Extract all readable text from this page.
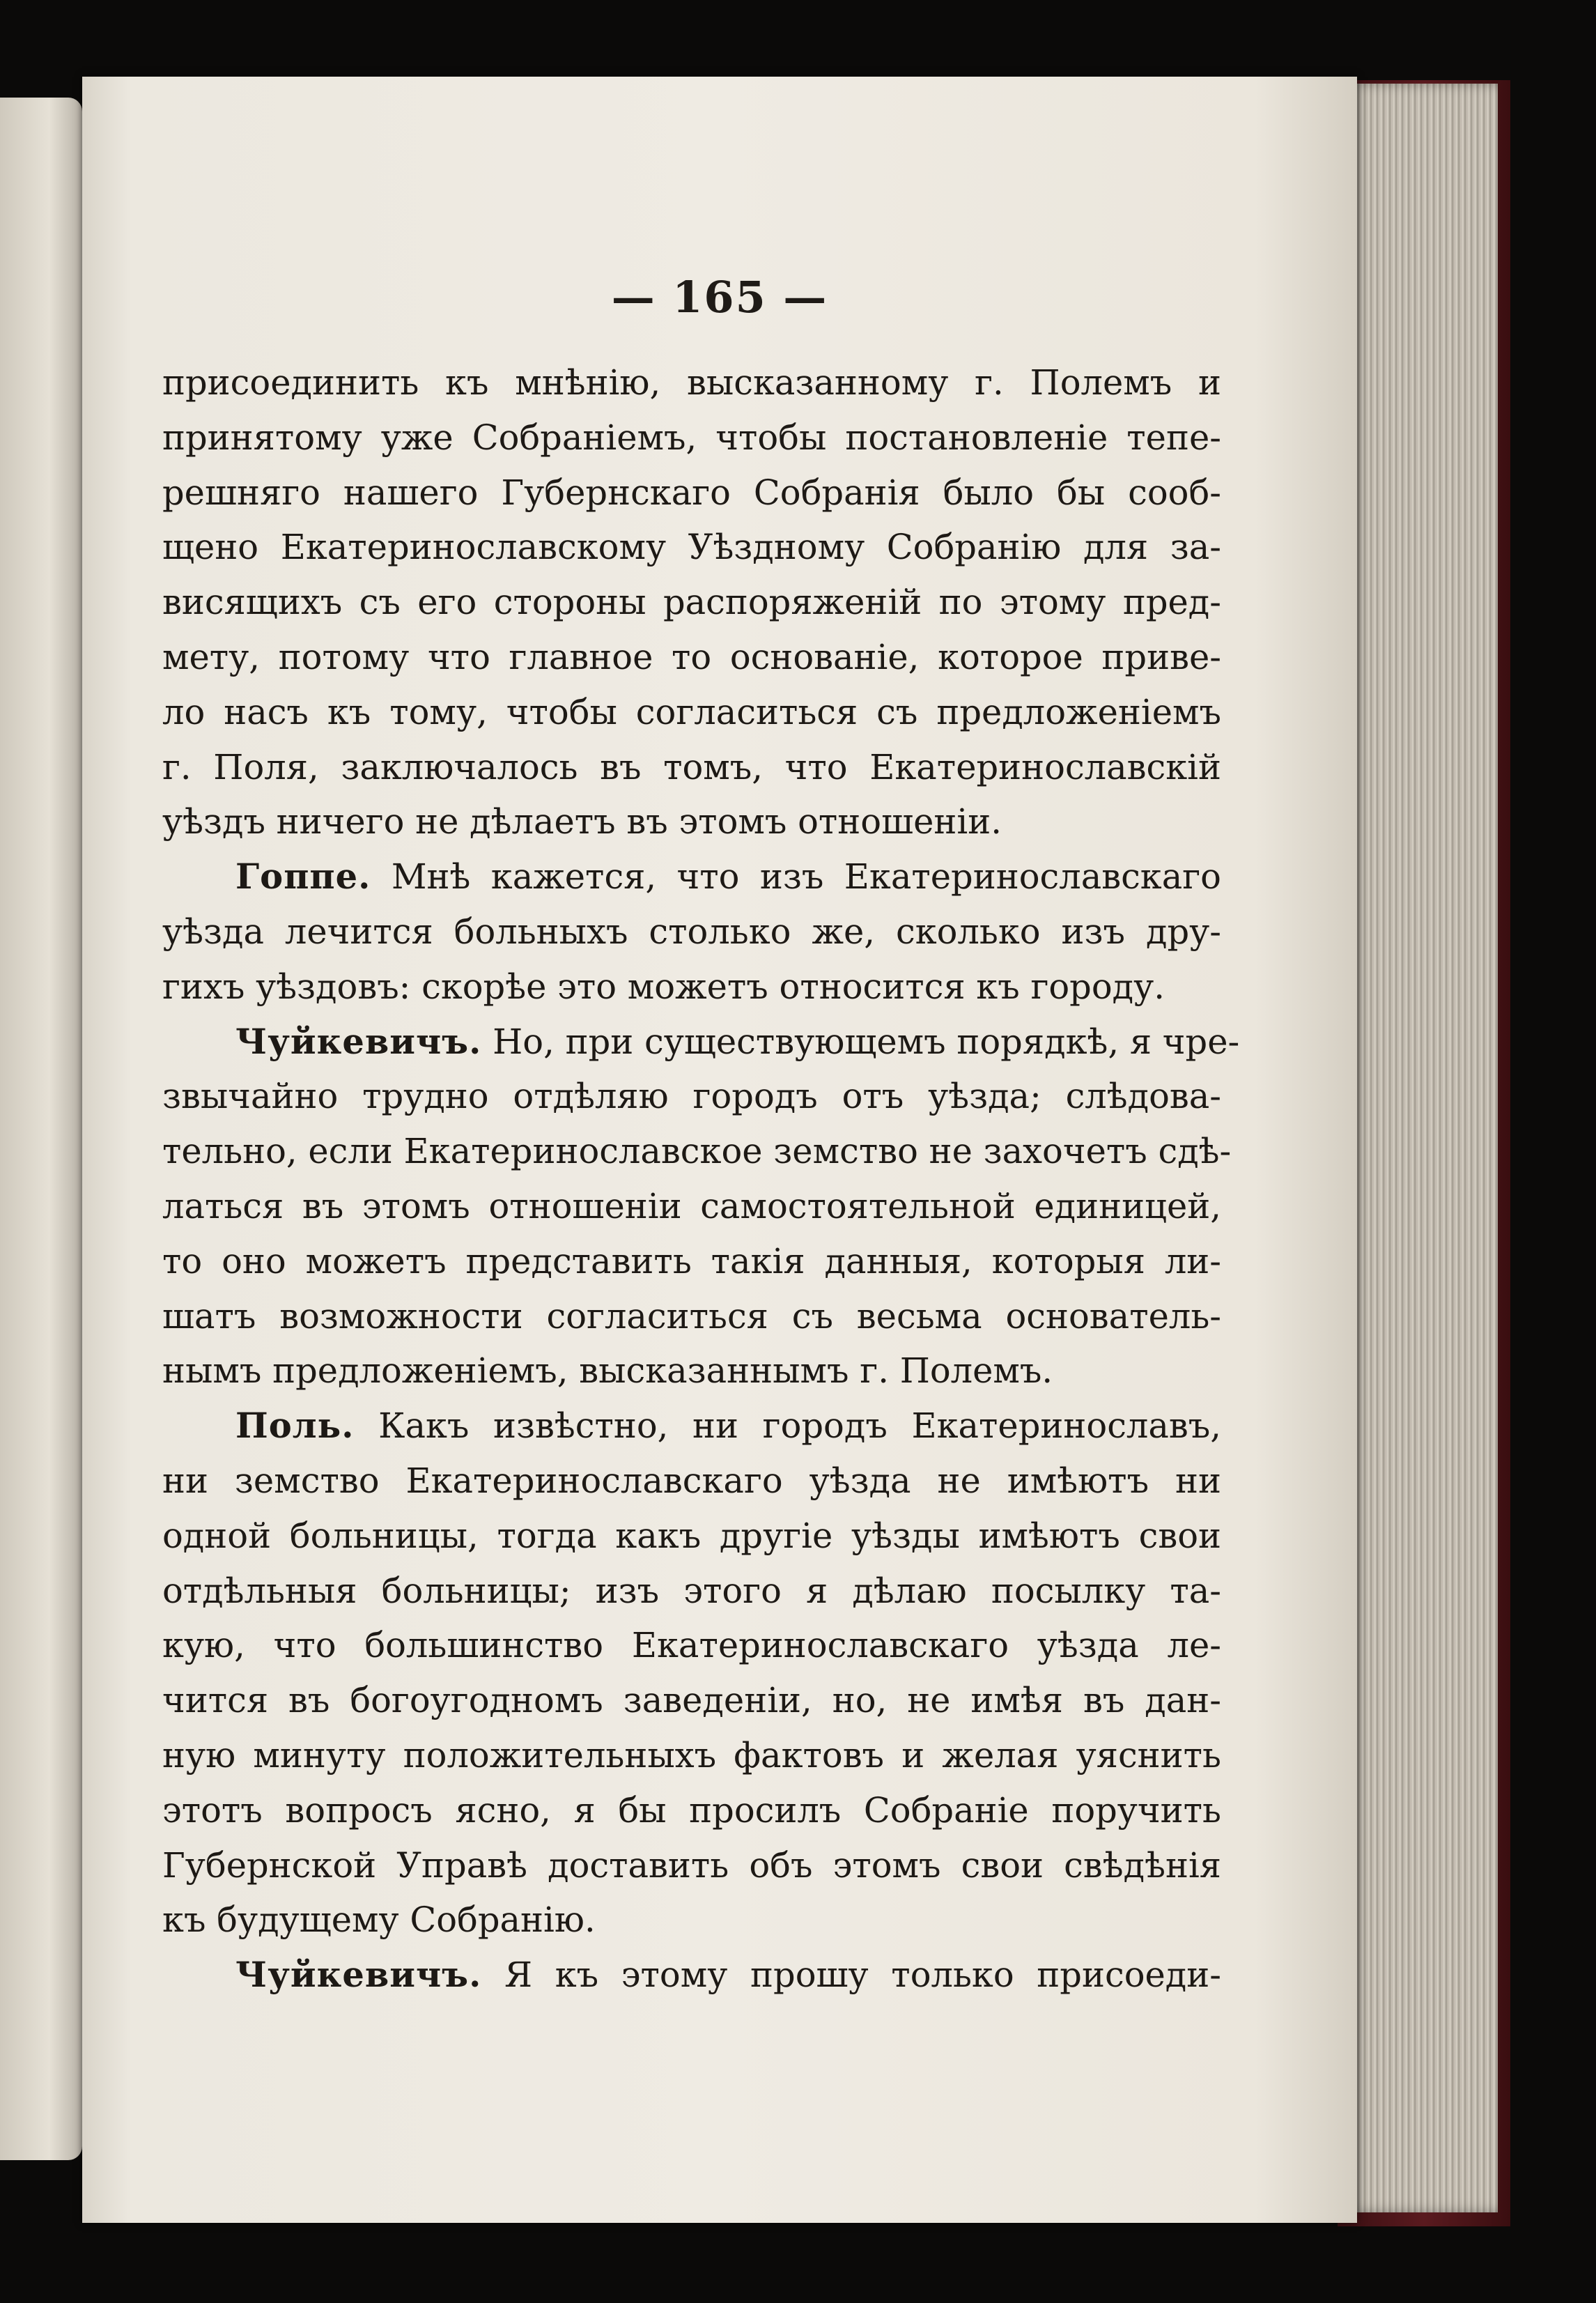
— 165 —
присоединить къ мнѣнію, высказанному г. Полемъ и
принятому уже Собраніемъ, чтобы постановленіе тепе-
решняго нашего Губернскаго Собранія было бы сооб-
щено Екатеринославскому Уѣздному Собранію для за-
висящихъ съ его стороны распоряженій по этому пред-
мету, потому что главное то основаніе, которое приве-
ло насъ къ тому, чтобы согласиться съ предложеніемъ
г. Поля, заключалось въ томъ, что Екатеринославскій
уѣздъ ничего не дѣлаетъ въ этомъ отношеніи.
Гоппе. Мнѣ кажется, что изъ Екатеринославскаго
уѣзда лечится больныхъ столько же, сколько изъ дру-
гихъ уѣздовъ: скорѣе это можетъ относится къ городу.
Чуйкевичъ. Но, при существующемъ порядкѣ, я чре-
звычайно трудно отдѣляю городъ отъ уѣзда; слѣдова-
тельно, если Екатеринославское земство не захочетъ сдѣ-
латься въ этомъ отношеніи самостоятельной единицей,
то оно можетъ представить такія данныя, которыя ли-
шатъ возможности согласиться съ весьма основатель-
нымъ предложеніемъ, высказаннымъ г. Полемъ.
Поль. Какъ извѣстно, ни городъ Екатеринославъ,
ни земство Екатеринославскаго уѣзда не имѣютъ ни
одной больницы, тогда какъ другіе уѣзды имѣютъ свои
отдѣльныя больницы; изъ этого я дѣлаю посылку та-
кую, что большинство Екатеринославскаго уѣзда ле-
чится въ богоугодномъ заведеніи, но, не имѣя въ дан-
ную минуту положительныхъ фактовъ и желая уяснить
этотъ вопросъ ясно, я бы просилъ Собраніе поручить
Губернской Управѣ доставить объ этомъ свои свѣдѣнія
къ будущему Собранію.
Чуйкевичъ. Я къ этому прошу только присоеди-
